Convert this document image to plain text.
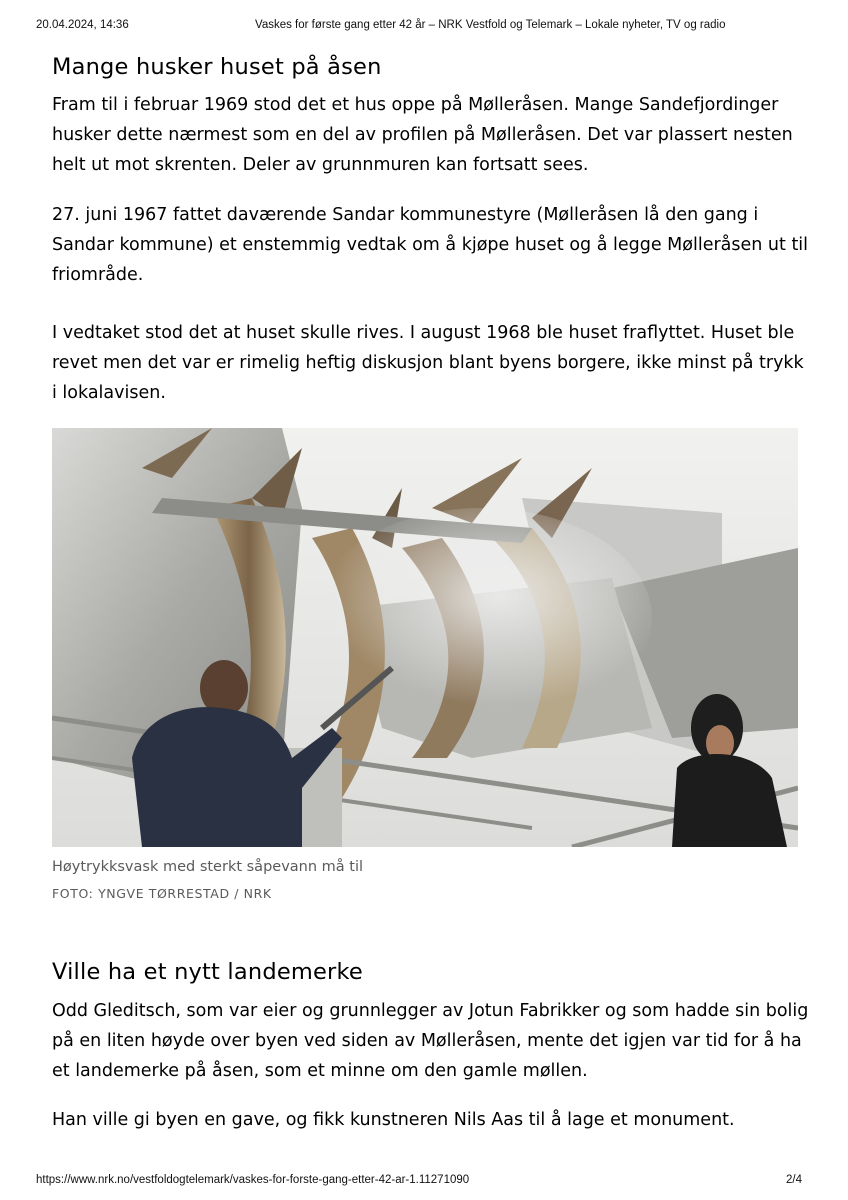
20.04.2024, 14:36	Vaskes for første gang etter 42 år – NRK Vestfold og Telemark – Lokale nyheter, TV og radio
Mange husker huset på åsen

Fram til i februar 1969 stod det et hus oppe på Mølleråsen. Mange Sandefjordinger husker dette nærmest som en del av profilen på Mølleråsen. Det var plassert nesten helt ut mot skrenten. Deler av grunnmuren kan fortsatt sees.

27. juni 1967 fattet daværende Sandar kommunestyre (Mølleråsen lå den gang i Sandar kommune) et enstemmig vedtak om å kjøpe huset og å legge Mølleråsen ut til friområde.

I vedtaket stod det at huset skulle rives. I august 1968 ble huset fraflyttet. Huset ble revet men det var er rimelig heftig diskusjon blant byens borgere, ikke minst på trykk i lokalavisen.

Høytrykksvask med sterkt såpevann må til
FOTO: YNGVE TØRRESTAD / NRK
Ville ha et nytt landemerke

Odd Gleditsch, som var eier og grunnlegger av Jotun Fabrikker og som hadde sin bolig på en liten høyde over byen ved siden av Mølleråsen, mente det igjen var tid for å ha et landemerke på åsen, som et minne om den gamle møllen.

Han ville gi byen en gave, og fikk kunstneren Nils Aas til å lage et monument.

https://www.nrk.no/vestfoldogtelemark/vaskes-for-forste-gang-etter-42-ar-1.11271090	2/4
